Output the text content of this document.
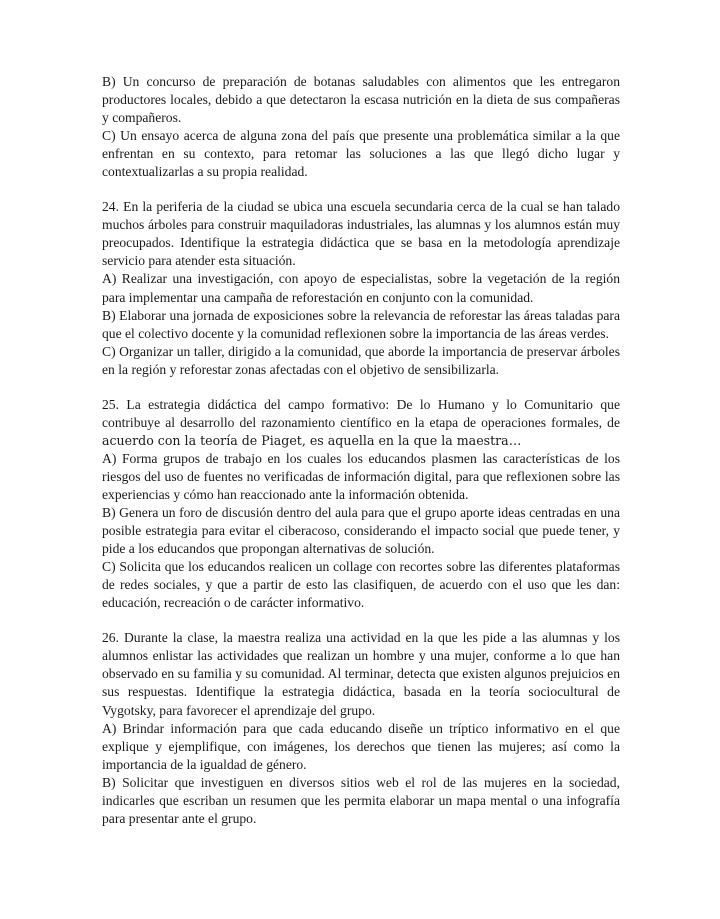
B) Un concurso de preparación de botanas saludables con alimentos que les entregaron productores locales, debido a que detectaron la escasa nutrición en la dieta de sus compañeras y compañeros.

C) Un ensayo acerca de alguna zona del país que presente una problemática similar a la que enfrentan en su contexto, para retomar las soluciones a las que llegó dicho lugar y contextualizarlas a su propia realidad.

24. En la periferia de la ciudad se ubica una escuela secundaria cerca de la cual se han talado muchos árboles para construir maquiladoras industriales, las alumnas y los alumnos están muy preocupados. Identifique la estrategia didáctica que se basa en la metodología aprendizaje servicio para atender esta situación.

A) Realizar una investigación, con apoyo de especialistas, sobre la vegetación de la región para implementar una campaña de reforestación en conjunto con la comunidad.

B) Elaborar una jornada de exposiciones sobre la relevancia de reforestar las áreas taladas para que el colectivo docente y la comunidad reflexionen sobre la importancia de las áreas verdes.

C) Organizar un taller, dirigido a la comunidad, que aborde la importancia de preservar árboles en la región y reforestar zonas afectadas con el objetivo de sensibilizarla.

25. La estrategia didáctica del campo formativo: De lo Humano y lo Comunitario que contribuye al desarrollo del razonamiento científico en la etapa de operaciones formales, de acuerdo con la teoría de Piaget, es aquella en la que la maestra…

A) Forma grupos de trabajo en los cuales los educandos plasmen las características de los riesgos del uso de fuentes no verificadas de información digital, para que reflexionen sobre las experiencias y cómo han reaccionado ante la información obtenida.

B) Genera un foro de discusión dentro del aula para que el grupo aporte ideas centradas en una posible estrategia para evitar el ciberacoso, considerando el impacto social que puede tener, y pide a los educandos que propongan alternativas de solución.

C) Solicita que los educandos realicen un collage con recortes sobre las diferentes plataformas de redes sociales, y que a partir de esto las clasifiquen, de acuerdo con el uso que les dan: educación, recreación o de carácter informativo.

26. Durante la clase, la maestra realiza una actividad en la que les pide a las alumnas y los alumnos enlistar las actividades que realizan un hombre y una mujer, conforme a lo que han observado en su familia y su comunidad. Al terminar, detecta que existen algunos prejuicios en sus respuestas. Identifique la estrategia didáctica, basada en la teoría sociocultural de Vygotsky, para favorecer el aprendizaje del grupo.

A) Brindar información para que cada educando diseñe un tríptico informativo en el que explique y ejemplifique, con imágenes, los derechos que tienen las mujeres; así como la importancia de la igualdad de género.

B) Solicitar que investiguen en diversos sitios web el rol de las mujeres en la sociedad, indicarles que escriban un resumen que les permita elaborar un mapa mental o una infografía para presentar ante el grupo.
